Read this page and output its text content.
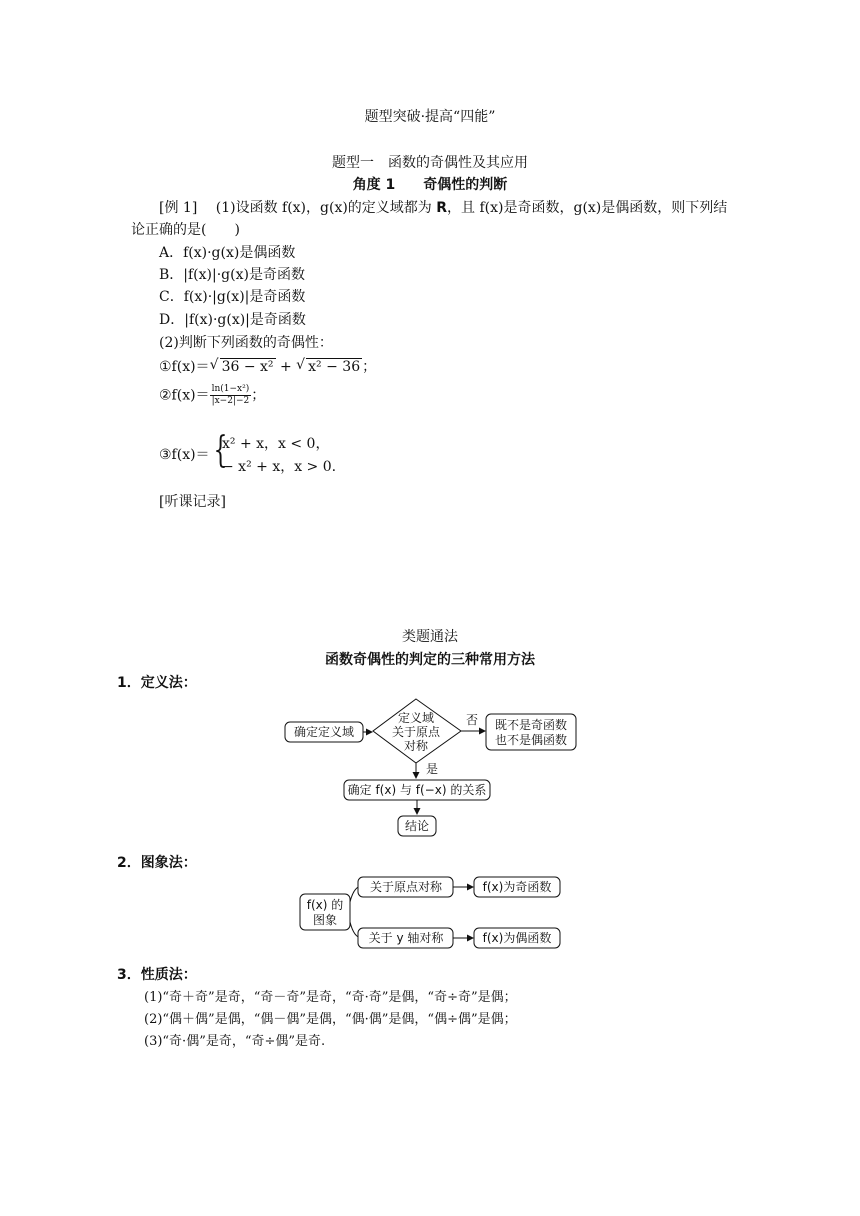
题型突破·提高“四能”
题型一　函数的奇偶性及其应用
角度 1　　奇偶性的判断
[例 1] (1)设函数 f(x)，g(x)的定义域都为 R，且 f(x)是奇函数，g(x)是偶函数，则下列结
论正确的是(　　)
A．f(x)·g(x)是偶函数
B．|f(x)|·g(x)是奇函数
C．f(x)·|g(x)|是奇函数
D．|f(x)·g(x)|是奇函数
(2)判断下列函数的奇偶性：
①f(x)＝√ 36 − x² + √ x² − 36 ；
②f(x)＝ $\frac{\text{ln(1−x²)}}{|x-2|-2}$ ；
③f(x)＝ {
x² + x，x < 0，
− x² + x，x > 0.
[听课记录]
类题通法
函数奇偶性的判定的三种常用方法
1．定义法：
确定定义域
定义域
关于原点
对称
否 既不是奇函数
也不是偶函数
是
确定 f(x) 与 f(−x) 的关系
结论
2．图象法：
f(x) 的
图象
关于原点对称	f(x)为奇函数
关于 y 轴对称	f(x)为偶函数
3．性质法：
(1)“奇＋奇”是奇，“奇－奇”是奇，“奇·奇”是偶，“奇÷奇”是偶；
(2)“偶＋偶”是偶，“偶－偶”是偶，“偶·偶”是偶，“偶÷偶”是偶；
(3)“奇·偶”是奇，“奇÷偶”是奇.
